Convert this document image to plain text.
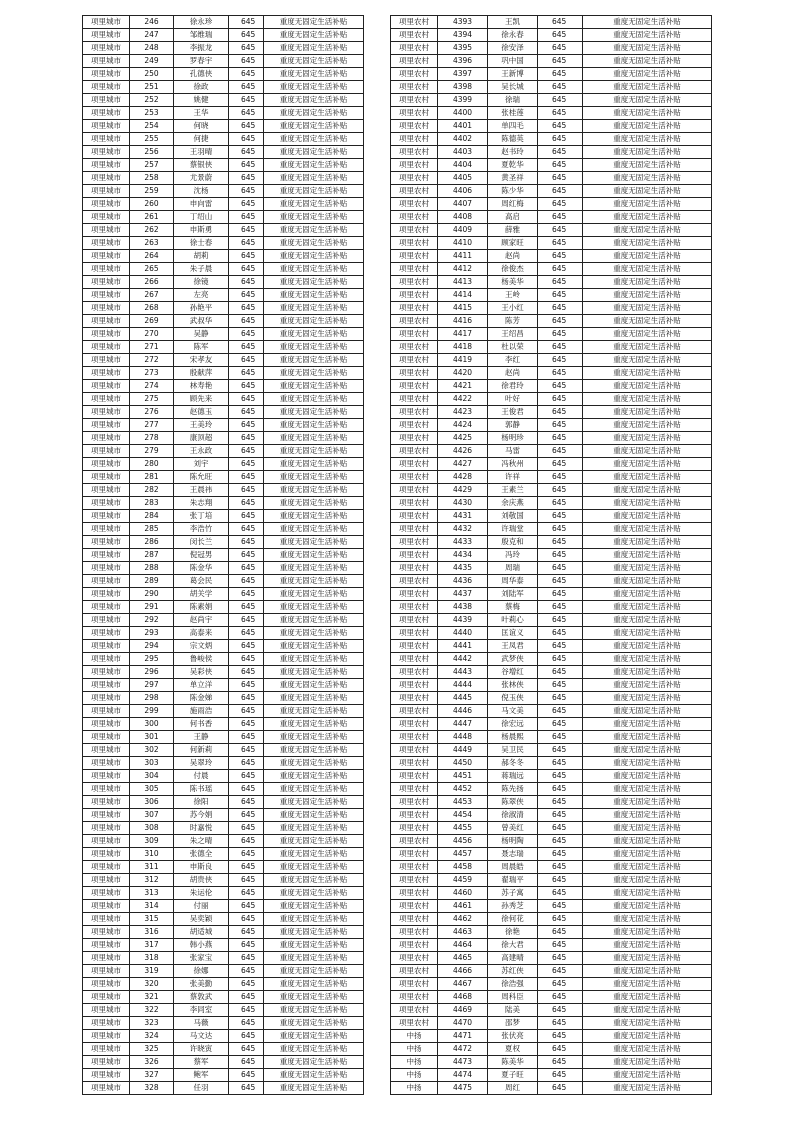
项里城市	246	徐永珍	645	重度无固定生活补贴
项里城市	247	邹维瑞	645	重度无固定生活补贴
项里城市	248	李振龙	645	重度无固定生活补贴
项里城市	249	罗春宇	645	重度无固定生活补贴
项里城市	250	孔德侠	645	重度无固定生活补贴
项里城市	251	徐政	645	重度无固定生活补贴
项里城市	252	姚健	645	重度无固定生活补贴
项里城市	253	王华	645	重度无固定生活补贴
项里城市	254	何晓	645	重度无固定生活补贴
项里城市	255	何捷	645	重度无固定生活补贴
项里城市	256	王羽晴	645	重度无固定生活补贴
项里城市	257	蔡银侠	645	重度无固定生活补贴
项里城市	258	尤景蔚	645	重度无固定生活补贴
项里城市	259	沈杨	645	重度无固定生活补贴
项里城市	260	申向雷	645	重度无固定生活补贴
项里城市	261	丁绍山	645	重度无固定生活补贴
项里城市	262	申斯勇	645	重度无固定生活补贴
项里城市	263	徐士春	645	重度无固定生活补贴
项里城市	264	胡莉	645	重度无固定生活补贴
项里城市	265	朱子晨	645	重度无固定生活补贴
项里城市	266	徐镜	645	重度无固定生活补贴
项里城市	267	左亮	645	重度无固定生活补贴
项里城市	268	孙艳平	645	重度无固定生活补贴
项里城市	269	武叔华	645	重度无固定生活补贴
项里城市	270	吴静	645	重度无固定生活补贴
项里城市	271	陈军	645	重度无固定生活补贴
项里城市	272	宋孝友	645	重度无固定生活补贴
项里城市	273	殷献萍	645	重度无固定生活补贴
项里城市	274	林寿艳	645	重度无固定生活补贴
项里城市	275	顾先来	645	重度无固定生活补贴
项里城市	276	赵德玉	645	重度无固定生活补贴
项里城市	277	王美玲	645	重度无固定生活补贴
项里城市	278	康顶超	645	重度无固定生活补贴
项里城市	279	王永政	645	重度无固定生活补贴
项里城市	280	刘宇	645	重度无固定生活补贴
项里城市	281	陈允旺	645	重度无固定生活补贴
项里城市	282	王晨祎	645	重度无固定生活补贴
项里城市	283	朱志翔	645	重度无固定生活补贴
项里城市	284	张丁培	645	重度无固定生活补贴
项里城市	285	李浩竹	645	重度无固定生活补贴
项里城市	286	闵长兰	645	重度无固定生活补贴
项里城市	287	倪冠男	645	重度无固定生活补贴
项里城市	288	陈金华	645	重度无固定生活补贴
项里城市	289	葛会民	645	重度无固定生活补贴
项里城市	290	胡关学	645	重度无固定生活补贴
项里城市	291	陈素娟	645	重度无固定生活补贴
项里城市	292	赵尚宇	645	重度无固定生活补贴
项里城市	293	高泰来	645	重度无固定生活补贴
项里城市	294	宗文炳	645	重度无固定生活补贴
项里城市	295	鲁峻侯	645	重度无固定生活补贴
项里城市	296	吴彩侠	645	重度无固定生活补贴
项里城市	297	单立洋	645	重度无固定生活补贴
项里城市	298	陈金娣	645	重度无固定生活补贴
项里城市	299	施雨浩	645	重度无固定生活补贴
项里城市	300	何书香	645	重度无固定生活补贴
项里城市	301	王静	645	重度无固定生活补贴
项里城市	302	何新莉	645	重度无固定生活补贴
项里城市	303	吴翠玲	645	重度无固定生活补贴
项里城市	304	付晨	645	重度无固定生活补贴
项里城市	305	陈书瑶	645	重度无固定生活补贴
项里城市	306	徐阳	645	重度无固定生活补贴
项里城市	307	苏今娟	645	重度无固定生活补贴
项里城市	308	时嘉悦	645	重度无固定生活补贴
项里城市	309	朱之晴	645	重度无固定生活补贴
项里城市	310	张德全	645	重度无固定生活补贴
项里城市	311	申斯良	645	重度无固定生活补贴
项里城市	312	胡贵侠	645	重度无固定生活补贴
项里城市	313	朱运伦	645	重度无固定生活补贴
项里城市	314	付丽	645	重度无固定生活补贴
项里城市	315	吴奕颖	645	重度无固定生活补贴
项里城市	316	胡适城	645	重度无固定生活补贴
项里城市	317	韩小燕	645	重度无固定生活补贴
项里城市	318	张家宝	645	重度无固定生活补贴
项里城市	319	徐娜	645	重度无固定生活补贴
项里城市	320	张美勤	645	重度无固定生活补贴
项里城市	321	蔡敦武	645	重度无固定生活补贴
项里城市	322	李同室	645	重度无固定生活补贴
项里城市	323	马薇	645	重度无固定生活补贴
项里城市	324	马文达	645	重度无固定生活补贴
项里城市	325	许晓寅	645	重度无固定生活补贴
项里城市	326	蔡军	645	重度无固定生活补贴
项里城市	327	鲍军	645	重度无固定生活补贴
项里城市	328	任羽	645	重度无固定生活补贴
项里农村	4393	王凯	645	重度无固定生活补贴
项里农村	4394	徐永春	645	重度无固定生活补贴
项里农村	4395	徐安泽	645	重度无固定生活补贴
项里农村	4396	巩中国	645	重度无固定生活补贴
项里农村	4397	王新博	645	重度无固定生活补贴
项里农村	4398	吴长城	645	重度无固定生活补贴
项里农村	4399	徐瑞	645	重度无固定生活补贴
项里农村	4400	张桂莲	645	重度无固定生活补贴
项里农村	4401	单四毛	645	重度无固定生活补贴
项里农村	4402	陈德英	645	重度无固定生活补贴
项里农村	4403	赵书玲	645	重度无固定生活补贴
项里农村	4404	夏乾华	645	重度无固定生活补贴
项里农村	4405	黄圣祥	645	重度无固定生活补贴
项里农村	4406	陈少华	645	重度无固定生活补贴
项里农村	4407	周红梅	645	重度无固定生活补贴
项里农村	4408	高启	645	重度无固定生活补贴
项里农村	4409	薛雅	645	重度无固定生活补贴
项里农村	4410	顾家旺	645	重度无固定生活补贴
项里农村	4411	赵尚	645	重度无固定生活补贴
项里农村	4412	徐俊杰	645	重度无固定生活补贴
项里农村	4413	杨美华	645	重度无固定生活补贴
项里农村	4414	王岭	645	重度无固定生活补贴
项里农村	4415	王小红	645	重度无固定生活补贴
项里农村	4416	陈芳	645	重度无固定生活补贴
项里农村	4417	王绍昌	645	重度无固定生活补贴
项里农村	4418	杜以荣	645	重度无固定生活补贴
项里农村	4419	李红	645	重度无固定生活补贴
项里农村	4420	赵尚	645	重度无固定生活补贴
项里农村	4421	徐君玲	645	重度无固定生活补贴
项里农村	4422	叶好	645	重度无固定生活补贴
项里农村	4423	王俊君	645	重度无固定生活补贴
项里农村	4424	郭静	645	重度无固定生活补贴
项里农村	4425	杨明珍	645	重度无固定生活补贴
项里农村	4426	马雷	645	重度无固定生活补贴
项里农村	4427	冯秋州	645	重度无固定生活补贴
项里农村	4428	许祥	645	重度无固定生活补贴
项里农村	4429	王素兰	645	重度无固定生活补贴
项里农村	4430	余庆燕	645	重度无固定生活补贴
项里农村	4431	刘敬国	645	重度无固定生活补贴
项里农村	4432	许瑞堂	645	重度无固定生活补贴
项里农村	4433	殷克和	645	重度无固定生活补贴
项里农村	4434	冯玲	645	重度无固定生活补贴
项里农村	4435	周瑞	645	重度无固定生活补贴
项里农村	4436	周华泰	645	重度无固定生活补贴
项里农村	4437	刘陆军	645	重度无固定生活补贴
项里农村	4438	蔡梅	645	重度无固定生活补贴
项里农村	4439	叶莉心	645	重度无固定生活补贴
项里农村	4440	匡谊义	645	重度无固定生活补贴
项里农村	4441	王凤君	645	重度无固定生活补贴
项里农村	4442	武梦侠	645	重度无固定生活补贴
项里农村	4443	谷增红	645	重度无固定生活补贴
项里农村	4444	张林侠	645	重度无固定生活补贴
项里农村	4445	倪玉侠	645	重度无固定生活补贴
项里农村	4446	马文美	645	重度无固定生活补贴
项里农村	4447	徐宏远	645	重度无固定生活补贴
项里农村	4448	杨晨熙	645	重度无固定生活补贴
项里农村	4449	吴卫民	645	重度无固定生活补贴
项里农村	4450	郝冬冬	645	重度无固定生活补贴
项里农村	4451	蒋瑞远	645	重度无固定生活补贴
项里农村	4452	陈先扬	645	重度无固定生活补贴
项里农村	4453	陈翠侠	645	重度无固定生活补贴
项里农村	4454	徐淑清	645	重度无固定生活补贴
项里农村	4455	曾美红	645	重度无固定生活补贴
项里农村	4456	杨明陶	645	重度无固定生活补贴
项里农村	4457	聂志瑞	645	重度无固定生活补贴
项里农村	4458	周晨皓	645	重度无固定生活补贴
项里农村	4459	翟瑞平	645	重度无固定生活补贴
项里农村	4460	苏子寓	645	重度无固定生活补贴
项里农村	4461	孙秀芝	645	重度无固定生活补贴
项里农村	4462	徐何花	645	重度无固定生活补贴
项里农村	4463	徐艳	645	重度无固定生活补贴
项里农村	4464	徐大君	645	重度无固定生活补贴
项里农村	4465	高建晴	645	重度无固定生活补贴
项里农村	4466	苏红侠	645	重度无固定生活补贴
项里农村	4467	徐浩强	645	重度无固定生活补贴
项里农村	4468	周科臣	645	重度无固定生活补贴
项里农村	4469	陆美	645	重度无固定生活补贴
项里农村	4470	邵梦	645	重度无固定生活补贴
中扬	4471	张伏亮	645	重度无固定生活补贴
中扬	4472	夏权	645	重度无固定生活补贴
中扬	4473	陈美华	645	重度无固定生活补贴
中扬	4474	夏子旺	645	重度无固定生活补贴
中扬	4475	周红	645	重度无固定生活补贴
